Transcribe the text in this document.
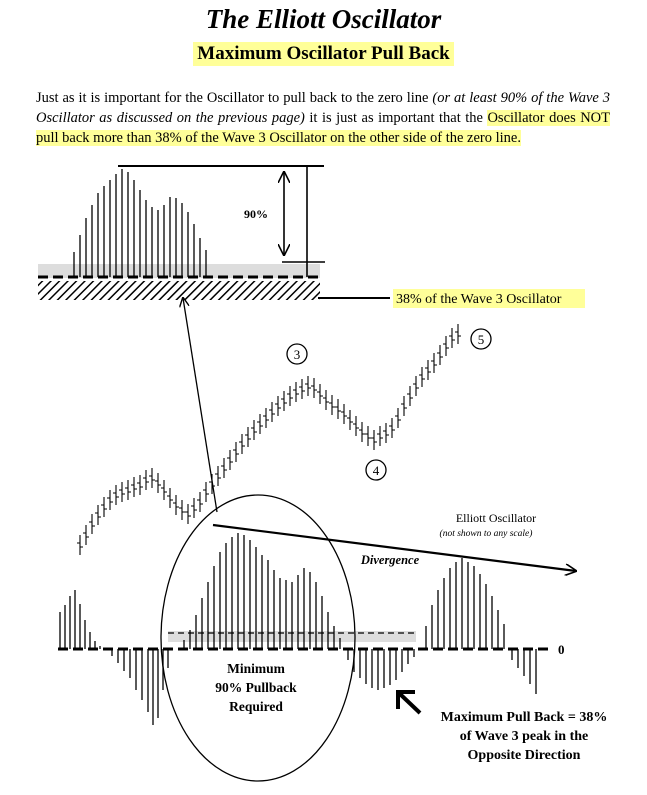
The Elliott Oscillator
Maximum Oscillator Pull Back
Just as it is important for the Oscillator to pull back to the zero line (or at least 90% of the Wave 3 Oscillator as discussed on the previous page) it is just as important that the Oscillator does NOT pull back more than 38% of the Wave 3 Oscillator on the other side of the zero line.
90%
38% of the Wave 3 Oscillator
3
4
5
0
Divergence
Elliott Oscillator
(not shown to any scale)
Minimum
90% Pullback
Required
Maximum Pull Back = 38%
of Wave 3 peak in the
Opposite Direction
